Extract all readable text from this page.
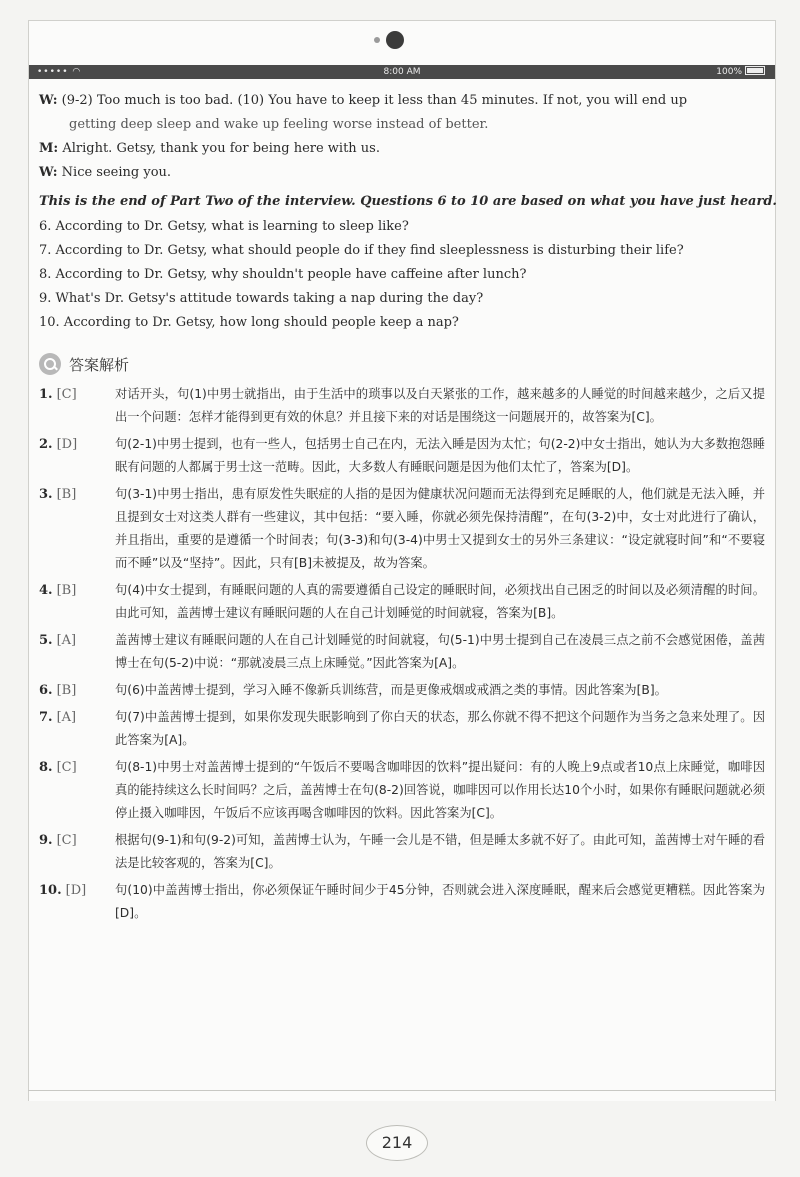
••••• ◠	8:00 AM	100%
W: (9-2) Too much is too bad. (10) You have to keep it less than 45 minutes. If not, you will end up
getting deep sleep and wake up feeling worse instead of better.
M: Alright. Getsy, thank you for being here with us.
W: Nice seeing you.
This is the end of Part Two of the interview. Questions 6 to 10 are based on what you have just heard.
6. According to Dr. Getsy, what is learning to sleep like?
7. According to Dr. Getsy, what should people do if they find sleeplessness is disturbing their life?
8. According to Dr. Getsy, why shouldn't people have caffeine after lunch?
9. What's Dr. Getsy's attitude towards taking a nap during the day?
10. According to Dr. Getsy, how long should people keep a nap?
答案解析
1. [C]	对话开头，句(1)中男士就指出，由于生活中的琐事以及白天紧张的工作，越来越多的人睡觉的时间越来越少，之后又提出一个问题：怎样才能得到更有效的休息？并且接下来的对话是围绕这一问题展开的，故答案为[C]。
2. [D]	句(2-1)中男士提到，也有一些人，包括男士自己在内，无法入睡是因为太忙；句(2-2)中女士指出，她认为大多数抱怨睡眠有问题的人都属于男士这一范畴。因此，大多数人有睡眠问题是因为他们太忙了，答案为[D]。
3. [B]	句(3-1)中男士指出，患有原发性失眠症的人指的是因为健康状况问题而无法得到充足睡眠的人，他们就是无法入睡，并且提到女士对这类人群有一些建议，其中包括：“要入睡，你就必须先保持清醒”，在句(3-2)中，女士对此进行了确认，并且指出，重要的是遵循一个时间表；句(3-3)和句(3-4)中男士又提到女士的另外三条建议：“设定就寝时间”和“不要寝而不睡”以及“坚持”。因此，只有[B]未被提及，故为答案。
4. [B]	句(4)中女士提到，有睡眠问题的人真的需要遵循自己设定的睡眠时间，必须找出自己困乏的时间以及必须清醒的时间。由此可知，盖茜博士建议有睡眠问题的人在自己计划睡觉的时间就寝，答案为[B]。
5. [A]	盖茜博士建议有睡眠问题的人在自己计划睡觉的时间就寝，句(5-1)中男士提到自己在凌晨三点之前不会感觉困倦，盖茜博士在句(5-2)中说：“那就凌晨三点上床睡觉。”因此答案为[A]。
6. [B]	句(6)中盖茜博士提到，学习入睡不像新兵训练营，而是更像戒烟或戒酒之类的事情。因此答案为[B]。
7. [A]	句(7)中盖茜博士提到，如果你发现失眠影响到了你白天的状态，那么你就不得不把这个问题作为当务之急来处理了。因此答案为[A]。
8. [C]	句(8-1)中男士对盖茜博士提到的“午饭后不要喝含咖啡因的饮料”提出疑问：有的人晚上9点或者10点上床睡觉，咖啡因真的能持续这么长时间吗？之后，盖茜博士在句(8-2)回答说，咖啡因可以作用长达10个小时，如果你有睡眠问题就必须停止摄入咖啡因，午饭后不应该再喝含咖啡因的饮料。因此答案为[C]。
9. [C]	根据句(9-1)和句(9-2)可知，盖茜博士认为，午睡一会儿是不错，但是睡太多就不好了。由此可知，盖茜博士对午睡的看法是比较客观的，答案为[C]。
10. [D]	句(10)中盖茜博士指出，你必须保证午睡时间少于45分钟，否则就会进入深度睡眠，醒来后会感觉更糟糕。因此答案为[D]。
214
